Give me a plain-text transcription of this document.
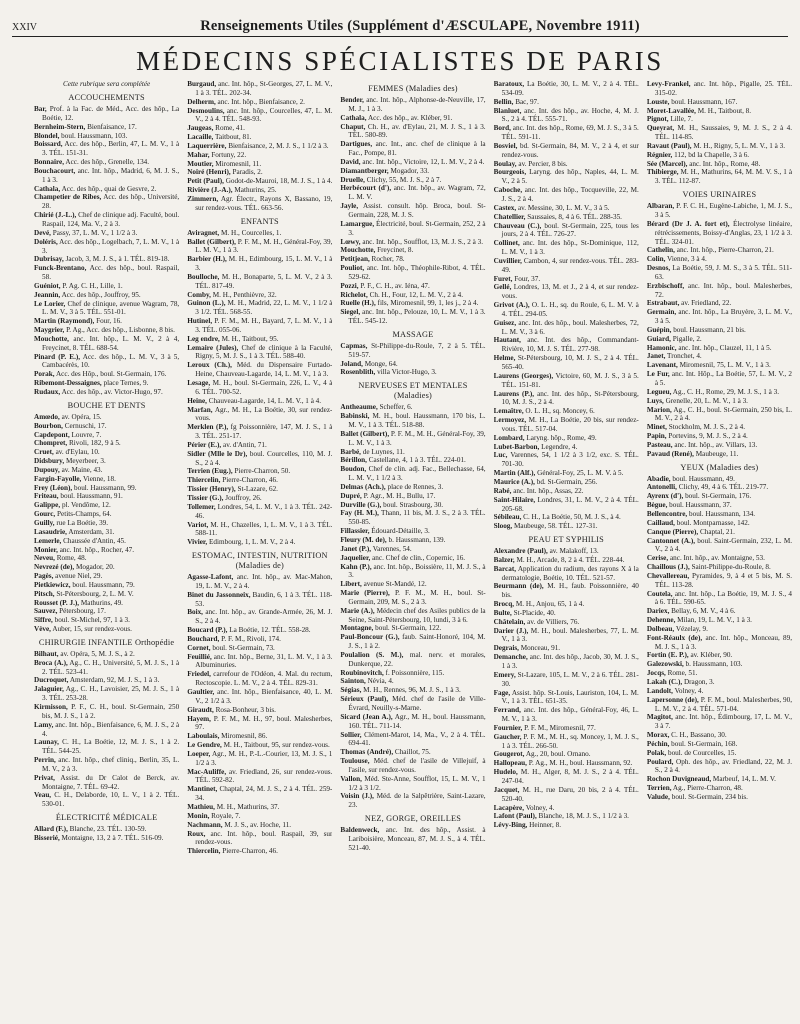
XXIV	Renseignements Utiles (Supplément d'ÆSCULAPE, Novembre 1911)
MÉDECINS SPÉCIALISTES DE PARIS
Cette rubrique sera complétée
ACCOUCHEMENTS
Bar, Prof. à la Fac. de Méd., Acc. des hôp., La Boétie, 12.
Bernheim-Stern, Bienfaisance, 17.
Blondel, boul. Haussmann, 103.
Boissard, Acc. des hôp., Berlin, 47, L. M. V., 1 à 3. TÉL. 151-31.
Bonnaire, Acc. des hôp., Grenelle, 134.
Bouchacourt, anc. Int. hôp., Madrid, 6, M. J. S., 1 à 3.
Cathala, Acc. des hôp., quai de Gesvre, 2.
Champetier de Ribes, Acc. des hôp., Université, 28.
Chirié (J.-L.), Chef de clinique adj. Faculté, boul. Raspail, 124, Ma. V., 2 à 3.
Devé, Passy, 37, L. M. V., 1 1/2 à 3.
Doléris, Acc. des hôp., Logelbach, 7, L. M. V., 1 à 3.
Dubrisay, Jacob, 3, M. J. S., à 1. TÉL. 819-18.
Funck-Brentano, Acc. des hôp., boul. Raspail, 58.
Guéniot, P. Ag. C. H., Lille, 1.
Jeannin, Acc. des hôp., Jouffroy, 95.
Le Lorier, Chef de clinique, avenue Wagram, 78, L. M. V., 3 à 5. TÉL. 551-01.
Martin (Raymond), Four, 16.
Maygrier, P. Ag., Acc. des hôp., Lisbonne, 8 bis.
Mouchotte, anc. Int. hôp., L. M. V., 2 à 4, Freycinet, 8. TÉL. 688-54.
Pinard (P. E.), Acc. des hôp., L. M. V., 3 à 5, Cambacérès, 10.
Porak, Acc. des Hôp., boul. St-Germain, 176.
Ribemont-Dessaignes, place Ternes, 9.
Rudaux, Acc. des hôp., av. Victor-Hugo, 97.
BOUCHE ET DENTS
Amœdo, av. Opéra, 15.
Bourbon, Cernuschi, 17.
Capdepont, Louvre, 7.
Chompret, Rivoli, 182, 9 à 5.
Cruet, av. d'Eylau, 10.
Didsbury, Meyerbeer, 3.
Dupouy, av. Maine, 43.
Fargin-Fayolle, Vienne, 18.
Frey (Léon), boul. Haussmann, 99.
Friteau, boul. Haussmann, 91.
Galippe, pl. Vendôme, 12.
Gourc, Petits-Champs, 64.
Guilly, rue La Boétie, 39.
Lasaudrie, Amsterdam, 31.
Lemerle, Chaussée d'Antin, 45.
Monier, anc. Int. hôp., Rocher, 47.
Neveu, Rome, 48.
Nevrezé (de), Mogador, 20.
Pagès, avenue Niel, 29.
Pietkiewicz, boul. Haussmann, 79.
Pitsch, St-Pétersbourg, 2, L. M. V.
Rousset (P. J.), Mathurins, 49.
Sauvez, Pétersbourg, 17.
Siffre, boul. St-Michel, 97, 1 à 3.
Vève, Auber, 15, sur rendez-vous.
CHIRURGIE INFANTILE Orthopédie
Bilhaut, av. Opéra, 5, M. J. S., à 2.
Broca (A.), Ag., C. H., Université, 5, M. J. S., 1 à 2. TÉL. 523-41.
Ducroquet, Amsterdam, 92, M. J. S., 1 à 3.
Jalaguier, Ag., C. H., Lavoisier, 25, M. J. S., 1 à 3. TÉL. 253-28.
Kirmisson, P. F., C. H., boul. St-Germain, 250 bis, M. J. S., 1 à 2.
Lamy, anc. Int. hôp., Bienfaisance, 6, M. J. S., 2 à 4.
Launay, C. H., La Boétie, 12, M. J. S., 1 à 2. TÉL. 544-25.
Perrin, anc. Int. hôp., chef cliniq., Berlin, 35, L. M. V., 2 à 3.
Privat, Assist. du Dr Calot de Berck, av. Montaigne, 7. TÉL. 69-42.
Veau, C. H., Delaborde, 10, L. V., 1 à 2. TÉL. 530-01.
ÉLECTRICITÉ MÉDICALE
Allard (F.), Blanche, 23. TÉL. 130-59.
Bisserié, Montaigne, 13, 2 à 7. TÉL. 516-09.
Burgaud, anc. Int. hôp., St-Georges, 27, L. M. V., 1 à 3. TÉL. 202-34.
Delherm, anc. Int. hôp., Bienfaisance, 2.
Desmoulins, anc. Int. hôp., Courcelles, 47, L. M. V., 2 à 4. TÉL. 548-93.
Jaugeas, Rome, 41.
Lacaille, Taitbout, 81.
Laquerrière, Bienfaisance, 2, M. J. S., 1 1/2 à 3.
Mahar, Fortuny, 22.
Moutier, Miromesnil, 11.
Noiré (Henri), Paradis, 2.
Petit (Paul), Godot-de-Mauroi, 18, M. J. S., 1 à 4.
Rivière (J.-A.), Mathurins, 25.
Zimmern, Agr. Électr., Rayons X, Bassano, 19, sur rendez-vous. TÉL. 663-56.
ENFANTS
Aviragnet, M. H., Courcelles, 1.
Ballet (Gilbert), P. F. M., M. H., Général-Foy, 39, L. M. V., 1 à 3.
Barbier (H.), M. H., Edimbourg, 15, L. M. V., 1 à 3.
Boulloche, M. H., Bonaparte, 5, L. M. V., 2 à 3. TÉL. 817-49.
Comby, M. H., Penthièvre, 32.
Guinon (L.), M. H., Madrid, 22, L. M. V., 1 1/2 à 3 1/2. TÉL. 568-55.
Hutinel, P. F. M., M. H., Bayard, 7, L. M. V., 1 à 3. TÉL. 055-06.
Leg endre, M. H., Taitbout, 95.
Lemaire (Jules), Chef de clinique à la Faculté, Rigny, 5, M. J. S., 1 à 3. TÉL. 588-40.
Leroux (Ch.), Méd. du Dispensaire Furtado-Heine, Chauveau-Lagarde, 14, L. M. V., 1 à 3.
Lesage, M. H., boul. St-Germain, 226, L. V., 4 à 6. TÉL. 700-52.
Heine, Chauveau-Lagarde, 14, L. M. V., 1 à 4.
Marfan, Agr., M. H., La Boétie, 30, sur rendez-vous.
Merklen (P.), fg Poissonnière, 147, M. J. S., 1 à 3. TÉL. 251-17.
Périer (E.), av. d'Antin, 71.
Sidler (Mlle le Dr), boul. Courcelles, 110, M. J. S., 2 à 4.
Terrien (Eug.), Pierre-Charron, 50.
Thiercelin, Pierre-Charron, 46.
Tissier (Henry), St-Lazare, 62.
Tissier (G.), Jouffroy, 26.
Tollemer, Londres, 54, L. M. V., 1 à 3. TÉL. 242-46.
Variot, M. H., Chazelles, 1, L. M. V., 1 à 3. TÉL. 588-11.
Vivier, Edimbourg, 1, L. M. V., 2 à 4.
ESTOMAC, INTESTIN, NUTRITION (Maladies de)
Agasse-Lafont, anc. Int. hôp., av. Mac-Mahon, 19, L. M. V., 2 à 4.
Binet du Jassonneix, Baudin, 6, 1 à 3. TÉL. 118-53.
Boix, anc. Int. hôp., av. Grande-Armée, 26, M. J. S., 2 à 4.
Boucard (P.), La Boétie, 12. TÉL. 558-28.
Bouchard, P. F. M., Rivoli, 174.
Cornet, boul. St-Germain, 73.
Feuillié, anc. Int. hôp., Berne, 31, L. M. V., 1 à 3. Albuminuries.
Friedel, carrefour de l'Odéon, 4. Mal. du rectum, Rectoscopie. L. M. V., 2 à 4. TÉL. 829-31.
Gaultier, anc. Int. hôp., Bienfaisance, 40, L. M. V., 2 1/2 à 3.
Giraudt, Rosa-Bonheur, 3 bis.
Hayem, P. F. M., M. H., 97, boul. Malesherbes, 97.
Laboulais, Miromesnil, 86.
Le Gendre, M. H., Taitbout, 95, sur rendez-vous.
Loeper, Agr., M. H., P.-L.-Courier, 13, M. J. S., 1 1/2 à 3.
Mac-Auliffe, av. Friedland, 26, sur rendez-vous. TÉL. 592-82.
Mantinet, Chaptal, 24, M. J. S., 2 à 4. TÉL. 259-34.
Mathieu, M. H., Mathurins, 37.
Monin, Royale, 7.
Nachmann, M. J. S., av. Hoche, 11.
Roux, anc. Int. hôp., boul. Raspail, 39, sur rendez-vous.
Thiercelin, Pierre-Charron, 46.
FEMMES (Maladies des)
Bender, anc. Int. hôp., Alphonse-de-Neuville, 17, M. J., 1 à 3.
Cathala, Acc. des hôp., av. Kléber, 91.
Chaput, Ch. H., av. d'Eylau, 21, M. J. S., 1 à 3. TÉL. 580-89.
Dartigues, anc. Int., anc. chef de clinique à la Fac., Pompe, 81.
David, anc. Int. hôp., Victoire, 12, L. M. V., 2 à 4.
Diamantberger, Mogador, 33.
Druelle, Clichy, 55, M. J. S., 2 à 7.
Herbécourt (d'), anc. Int. hôp., av. Wagram, 72, L. M. V.
Jayle, Assist. consult. hôp. Broca, boul. St-Germain, 228, M. J. S.
Lamargue, Électricité, boul. St-Germain, 252, 2 à 3.
Lœwy, anc. Int. hôp., Soufflot, 13, M. J. S., 2 à 3.
Mouchotte, Freycinet, 8.
Petitjean, Rocher, 78.
Pouliot, anc. Int. hôp., Théophile-Ribot, 4. TÉL. 529-62.
Pozzi, P. F., C. H., av. Iéna, 47.
Richelot, Ch. H., Four, 12, L. M. V., 2 à 4.
Ruelle (H.), fils, Miromesnil, 99, 1, les j., 2 à 4.
Siegel, anc. Int. hôp., Pelouze, 10, L. M. V., 1 à 3. TÉL. 545-12.
MASSAGE
Capmas, St-Philippe-du-Roule, 7, 2 à 5. TÉL. 519-57.
Joland, Monge, 64.
Rosenblith, villa Victor-Hugo, 3.
NERVEUSES ET MENTALES (Maladies)
Antheaume, Scheffer, 6.
Babinski, M. H., boul. Haussmann, 170 bis, L. M. V., 1 à 3. TÉL. 518-88.
Ballet (Gilbert), P. F. M., M. H., Général-Foy, 39, L. M. V., 1 à 3.
Barbé, de Luynes, 11.
Bérillon, Castellane, 4, 1 à 3. TÉL. 224-01.
Boudon, Chef de clin. adj. Fac., Bellechasse, 64, L. M. V., 1 1/2 à 3.
Delmas (Ach.), place de Rennes, 3.
Dupré, P. Agr., M. H., Bullu, 17.
Durville (G.), boul. Strasbourg, 30.
Fay (H. M.), Thann, 11 bis, M. J. S., 2 à 3. TÉL. 550-85.
Fillassier, Édouard-Détaille, 3.
Fleury (M. de), b. Haussmann, 139.
Janet (P.), Varennes, 54.
Jaquelier, anc. Chef de clin., Copernic, 16.
Kahn (P.), anc. Int. hôp., Boissière, 11, M. J. S., à 3.
Libert, avenue St-Mandé, 12.
Marie (Pierre), P. F. M., M. H., boul. St-Germain, 209, M. S., 2 à 3.
Marie (A.), Médecin chef des Asiles publics de la Seine, Saint-Pétersbourg, 10, lundi, 3 à 6.
Montagne, boul. St-Germain, 122.
Paul-Boncour (G.), faub. Saint-Honoré, 104, M. J. S., 1 à 2.
Poulalion (S. M.), mal. nerv. et morales, Dunkerque, 22.
Roubinovitch, f. Poissonnière, 115.
Sainton, Névia, 4.
Ségias, M. H., Rennes, 96, M. J. S., 1 à 3.
Sérieux (Paul), Méd. chef de l'asile de Ville-Évrard, Neuilly-s-Marne.
Sicard (Jean A.), Agr., M. H., boul. Haussmann, 160. TÉL. 711-14.
Sollier, Clément-Marot, 14, Ma., V., 2 à 4. TÉL. 694-41.
Thomas (André), Chaillot, 75.
Toulouse, Méd. chef de l'asile de Villejuif, à l'asile, sur rendez-vous.
Vallon, Méd. Ste-Anne, Soufflot, 15, L. M. V., 1 1/2 à 3 1/2.
Voisin (J.), Méd. de la Salpêtrière, Saint-Lazare, 23.
NEZ, GORGE, OREILLES
Baldenweck, anc. Int. des hôp., Assist. à Lariboisière, Monceau, 87, M. J. S., à 4. TÉL. 521-40.
Baratoux, La Boétie, 30, L. M. V., 2 à 4. TÉL. 534-09.
Bellin, Bac, 97.
Blanluet, anc. Int. des hôp., av. Hoche, 4, M. J. S., 2 à 4. TÉL. 555-71.
Bord, anc. Int. des hôp., Rome, 69, M. J. S., 3 à 5. TÉL. 591-11.
Bosviel, bd. St-Germain, 84, M. V., 2 à 4, et sur rendez-vous.
Boulay, av. Percier, 8 bis.
Bourgeois, Laryng. des hôp., Naples, 44, L. M. V., 2 à 5.
Caboche, anc. Int. des hôp., Tocqueville, 22, M. J. S., 2 à 4.
Castex, av. Messine, 30, L. M. V., 3 à 5.
Chatellier, Saussaies, 8, 4 à 6. TÉL. 288-35.
Chauveau (C.), boul. St-Germain, 225, tous les jours, 2 à 4. TÉL. 726-27.
Collinet, anc. Int. des hôp., St-Dominique, 112, L. M. V., 1 à 3.
Cuvillier, Cambon, 4, sur rendez-vous. TÉL. 283-49.
Furet, Four, 37.
Gellé, Londres, 13, M. et J., 2 à 4, et sur rendez-vous.
Grivot (A.), O. L. H., sq. du Roule, 6, L. M. V. à 4. TÉL. 294-05.
Guisez, anc. Int. des hôp., boul. Malesherbes, 72, L. M. V., 3 à 6.
Hautant, anc. Int. des hôp., Commandant-Rivière, 10, M. J. S. TÉL. 277-98.
Helme, St-Pétersbourg, 10, M. J. S., 2 à 4. TÉL. 565-40.
Laurens (Georges), Victoire, 60, M. J. S., 3 à 5. TÉL. 151-81.
Laurens (P.), anc. Int. des hôp., St-Pétersbourg, 10, M. J. S., 2 à 4.
Lemaître, O. L. H., sq. Moncey, 6.
Lermoyez, M. H., La Boétie, 20 bis, sur rendez-vous. TÉL. 517-04.
Lombard, Laryng. hôp., Rome, 49.
Lubet-Barbon, Legendre, 4.
Luc, Varennes, 54, 1 1/2 à 3 1/2, exc. S. TÉL. 701-30.
Martin (Alf.), Général-Foy, 25, L. M. V. à 5.
Maurice (A.), bd. St-Germain, 256.
Rabé, anc. Int. hôp., Assas, 22.
Saint-Hilaire, Londres, 31, L. M. V., 2 à 4. TÉL. 205-68.
Sébileau, C. H., La Boétie, 50, M. J. S., à 4.
Sloog, Maubeuge, 58. TÉL. 127-31.
PEAU ET SYPHILIS
Alexandre (Paul), av. Malakoff, 13.
Balzer, M. H., Arcade, 8, 2 à 4. TÉL. 228-44.
Barcat, Application du radium, des rayons X à la dermatologie, Boétie, 10. TÉL. 521-57.
Beurmann (de), M. H., faub. Poissonnière, 40 bis.
Brocq, M. H., Anjou, 65, 1 à 4.
Bulte, St-Placide, 40.
Châtelain, av. de Villiers, 76.
Darier (J.), M. H., boul. Malesherbes, 77, L. M. V., 1 à 3.
Degrais, Monceau, 91.
Demanche, anc. Int. des hôp., Jacob, 30, M. J. S., 1 à 3.
Emery, St-Lazare, 105, L. M. V., 2 à 6. TÉL. 281-30.
Fage, Assist. hôp. St-Louis, Lauriston, 104, L. M. V., 1 à 3. TÉL. 651-35.
Ferrand, anc. Int. des hôp., Général-Foy, 46, L. M. V., 1 à 3.
Fournier, P. F. M., Miromesnil, 77.
Gaucher, P. F. M., M. H., sq. Moncey, 1, M. J. S., 1 à 3. TÉL. 266-50.
Gougerot, Ag., 20, boul. Ornano.
Hallopeau, P. Ag., M. H., boul. Haussmann, 92.
Hudelo, M. H., Alger, 8, M. J. S., 2 à 4. TÉL. 247-04.
Jacquet, M. H., rue Daru, 20 bis, 2 à 4. TÉL. 520-40.
Lacapère, Volney, 4.
Lafont (Paul), Blanche, 18, M. J. S., 1 1/2 à 3.
Lévy-Bing, Heinner, 8.
Levy-Frankel, anc. Int. hôp., Pigalle, 25. TÉL. 315-02.
Louste, boul. Haussmann, 167.
Moret-Lavallée, M. H., Taitbout, 8.
Pignot, Lille, 7.
Queyrat, M. H., Saussaies, 9, M. J. S., 2 à 4. TÉL. 114-85.
Ravaut (Paul), M. H., Rigny, 5, L. M. V., 1 à 3.
Régnier, 112, bd la Chapelle, 3 à 6.
Sée (Marcel), anc. Int. hôp., Rome, 48.
Thibierge, M. H., Mathurins, 64, M. M. V. S., 1 à 3. TÉL. 112-87.
VOIES URINAIRES
Albaran, P. F. C. H., Eugène-Labiche, 1, M. J. S., 3 à 5.
Bérard (Dr J. A. fort et), Électrolyse linéaire, rétrécissements, Boissy-d'Anglas, 23, 1 1/2 à 3. TÉL. 324-01.
Cathelin, anc. Int. hôp., Pierre-Charron, 21.
Colin, Vienne, 3 à 4.
Desnos, La Boétie, 59, J. M. S., 3 à 5. TÉL. 511-63.
Erzbischoff, anc. Int. hôp., boul. Malesherbes, 72.
Estrabaut, av. Friedland, 22.
Germain, anc. Int. hôp., La Bruyère, 3, L. M. V., 3 à 5.
Guépin, boul. Haussmann, 21 bis.
Guiard, Pigalle, 2.
Hamonic, anc. Int. hôp., Clauzel, 11, 1 à 5.
Janet, Tronchet, 4.
Lavenant, Miromesnil, 75, L. M. V., 1 à 3.
Le Fur, anc. Int. Hôp., La Boétie, 57, L. M. V., 2 à 5.
Legueu, Ag., C. H., Rome, 29, M. J. S., 1 à 3.
Luys, Grenelle, 20, L. M. V., 1 à 3.
Marion, Ag., C. H., boul. St-Germain, 250 bis, L. M. V., 2 à 4.
Minet, Stockholm, M. J. S., 2 à 4.
Papin, Portevins, 9, M. J. S., 2 à 4.
Pasteau, anc. Int. hôp., av. Villars, 13.
Pavaud (René), Maubeuge, 11.
YEUX (Maladies des)
Abadie, boul. Haussmann, 49.
Antonelli, Clichy, 49, 4 à 6. TÉL. 219-77.
Ayrenx (d'), boul. St-Germain, 176.
Bègue, boul. Haussmann, 37.
Bellencontre, boul. Haussmann, 134.
Caillaud, boul. Montparnasse, 142.
Canque (Pierre), Chaptal, 21.
Cantonnet (A.), boul. Saint-Germain, 232, L. M. V., 2 à 4.
Cerise, anc. Int. hôp., av. Montaigne, 53.
Chaillous (J.), Saint-Philippe-du-Roule, 8.
Chevallereau, Pyramides, 9, à 4 et 5 bis, M. S. TÉL. 113-28.
Coutela, anc. Int. hôp., La Boétie, 19, M. J. S., 4 à 6. TÉL. 590-65.
Dariex, Bellay, 6, M. V., 4 à 6.
Dehenne, Milan, 19, L. M. V., 1 à 3.
Dolbeau, Vézelay, 9.
Font-Réaulx (de), anc. Int. hôp., Monceau, 89, M. J. S., 1 à 3.
Fortin (E. P.), av. Kléber, 90.
Galezowski, b. Haussmann, 103.
Jocqs, Rome, 51.
Lakah (C.), Dragon, 3.
Landolt, Volney, 4.
Lapersonne (de), P. F. M., boul. Malesherbes, 90, L. M. V., 2 à 4. TÉL. 571-04.
Magitot, anc. Int. hôp., Édimbourg, 17, L. M. V., 3 à 7.
Morax, C. H., Bassano, 30.
Péchin, boul. St-Germain, 168.
Polak, boul. de Courcelles, 15.
Poulard, Oph. des hôp., av. Friedland, 22, M. J. S., 2 à 4.
Rochon Duvigneaud, Marbeuf, 14, L. M. V.
Terrien, Ag., Pierre-Charron, 48.
Valude, boul. St-Germain, 234 bis.
